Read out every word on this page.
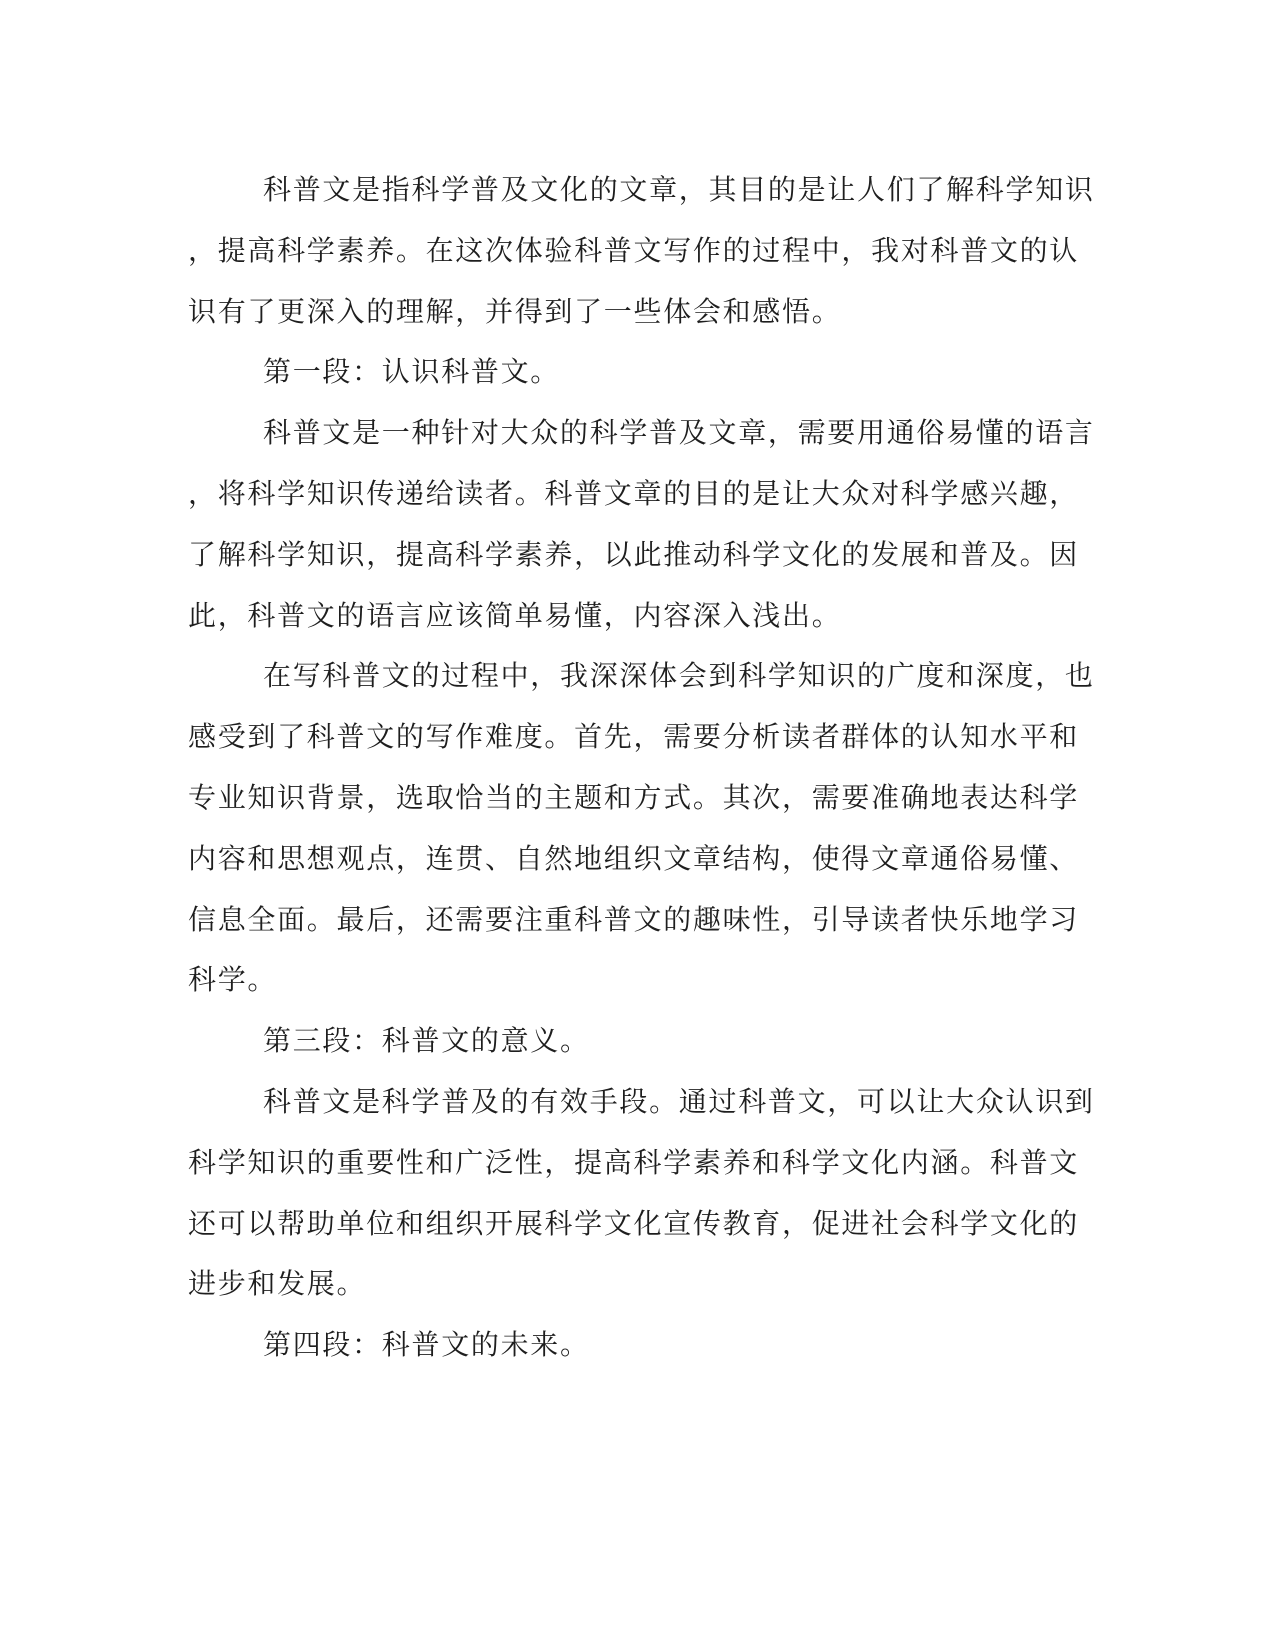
科普文是指科学普及文化的文章，其目的是让人们了解科学知识
，提高科学素养。在这次体验科普文写作的过程中，我对科普文的认
识有了更深入的理解，并得到了一些体会和感悟。
第一段：认识科普文。
科普文是一种针对大众的科学普及文章，需要用通俗易懂的语言
，将科学知识传递给读者。科普文章的目的是让大众对科学感兴趣，
了解科学知识，提高科学素养，以此推动科学文化的发展和普及。因
此，科普文的语言应该简单易懂，内容深入浅出。
在写科普文的过程中，我深深体会到科学知识的广度和深度，也
感受到了科普文的写作难度。首先，需要分析读者群体的认知水平和
专业知识背景，选取恰当的主题和方式。其次，需要准确地表达科学
内容和思想观点，连贯、自然地组织文章结构，使得文章通俗易懂、
信息全面。最后，还需要注重科普文的趣味性，引导读者快乐地学习
科学。
第三段：科普文的意义。
科普文是科学普及的有效手段。通过科普文，可以让大众认识到
科学知识的重要性和广泛性，提高科学素养和科学文化内涵。科普文
还可以帮助单位和组织开展科学文化宣传教育，促进社会科学文化的
进步和发展。
第四段：科普文的未来。
